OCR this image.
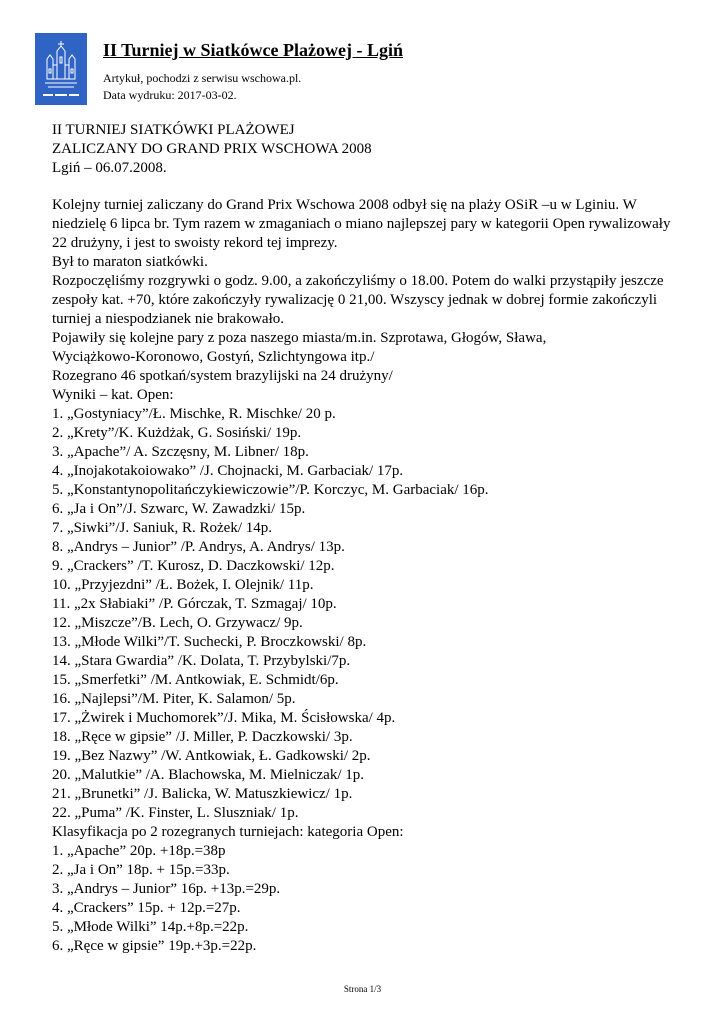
II Turniej w Siatkówce Plażowej - Lgiń
Artykuł, pochodzi z serwisu wschowa.pl.
Data wydruku: 2017-03-02.
II TURNIEJ SIATKÓWKI PLAŻOWEJ
ZALICZANY DO GRAND PRIX WSCHOWA 2008
Lgiń – 06.07.2008.
Kolejny turniej zaliczany do Grand Prix Wschowa 2008 odbył się na plaży OSiR –u w Lginiu. W
niedzielę 6 lipca br. Tym razem w zmaganiach o miano najlepszej pary w kategorii Open rywalizowały
22 drużyny, i jest to swoisty rekord tej imprezy.
Był to maraton siatkówki.
Rozpoczęliśmy rozgrywki o godz. 9.00, a zakończyliśmy o 18.00. Potem do walki przystąpiły jeszcze
zespoły kat. +70, które zakończyły rywalizację 0 21,00. Wszyscy jednak w dobrej formie zakończyli
turniej a niespodzianek nie brakowało.
Pojawiły się kolejne pary z poza naszego miasta/m.in. Szprotawa, Głogów, Sława,
Wyciążkowo-Koronowo, Gostyń, Szlichtyngowa itp./
Rozegrano 46 spotkań/system brazylijski na 24 drużyny/
Wyniki – kat. Open:
1. „Gostyniacy”/Ł. Mischke, R. Mischke/ 20 p.
2. „Krety”/K. Kużdżak, G. Sosiński/ 19p.
3. „Apache”/ A. Szczęsny, M. Libner/ 18p.
4. „Inojakotakoiowako” /J. Chojnacki, M. Garbaciak/ 17p.
5. „Konstantynopolitańczykiewiczowie”/P. Korczyc, M. Garbaciak/ 16p.
6. „Ja i On”/J. Szwarc, W. Zawadzki/ 15p.
7. „Siwki”/J. Saniuk, R. Rożek/ 14p.
8. „Andrys – Junior” /P. Andrys, A. Andrys/ 13p.
9. „Crackers” /T. Kurosz, D. Daczkowski/ 12p.
10. „Przyjezdni” /Ł. Bożek, I. Olejnik/ 11p.
11. „2x Słabiaki” /P. Górczak, T. Szmagaj/ 10p.
12. „Miszcze”/B. Lech, O. Grzywacz/ 9p.
13. „Młode Wilki”/T. Suchecki, P. Broczkowski/ 8p.
14. „Stara Gwardia” /K. Dolata, T. Przybylski/7p.
15. „Smerfetki” /M. Antkowiak, E. Schmidt/6p.
16. „Najlepsi”/M. Piter, K. Salamon/ 5p.
17. „Żwirek i Muchomorek”/J. Mika, M. Ścisłowska/ 4p.
18. „Ręce w gipsie” /J. Miller, P. Daczkowski/ 3p.
19. „Bez Nazwy” /W. Antkowiak, Ł. Gadkowski/ 2p.
20. „Malutkie” /A. Blachowska, M. Mielniczak/ 1p.
21. „Brunetki” /J. Balicka, W. Matuszkiewicz/ 1p.
22. „Puma” /K. Finster, L. Sluszniak/ 1p.
Klasyfikacja po 2 rozegranych turniejach: kategoria Open:
1. „Apache” 20p. +18p.=38p
2. „Ja i On” 18p. + 15p.=33p.
3. „Andrys – Junior” 16p. +13p.=29p.
4. „Crackers” 15p. + 12p.=27p.
5. „Młode Wilki” 14p.+8p.=22p.
6. „Ręce w gipsie” 19p.+3p.=22p.
Strona 1/3
